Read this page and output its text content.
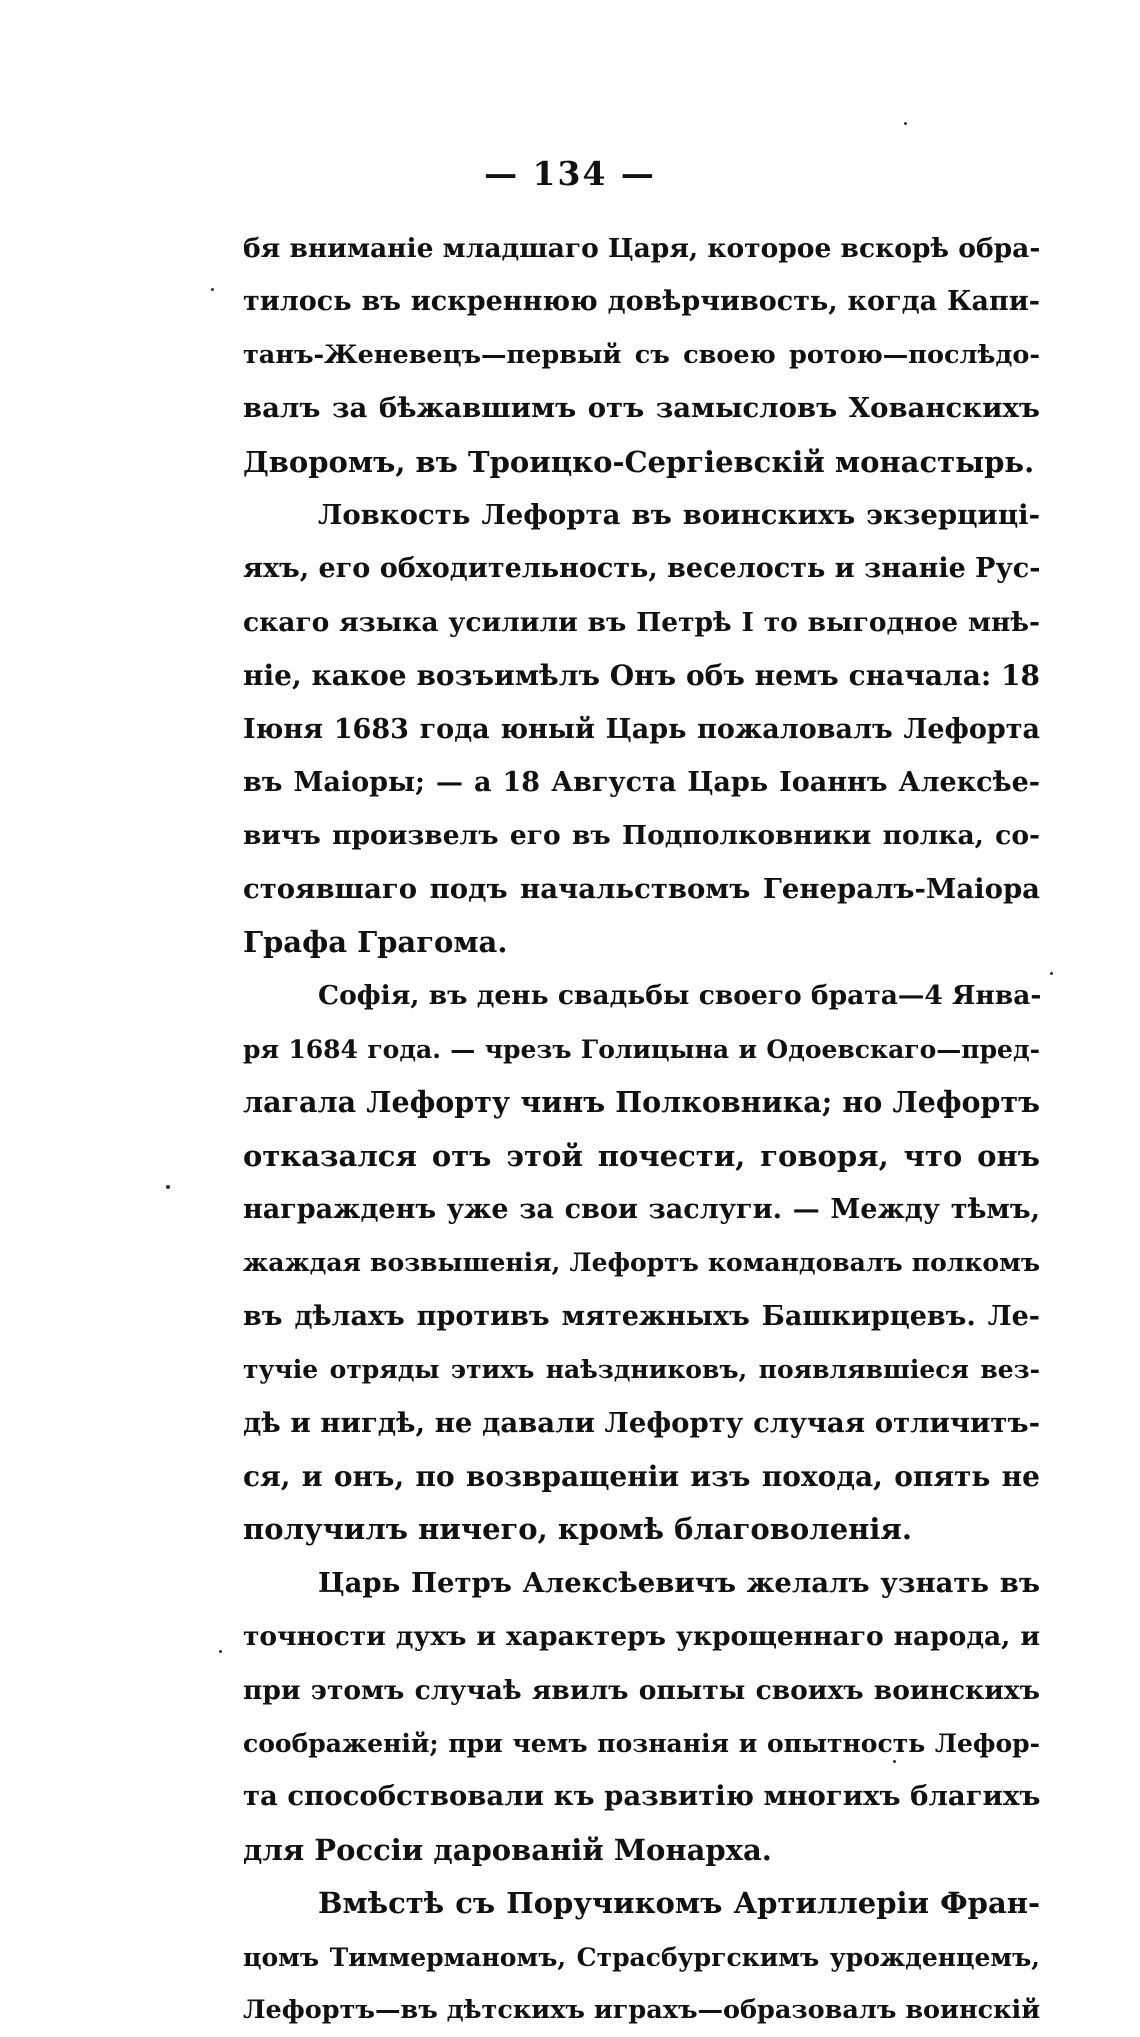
— 134 —
бя вниманіе младшаго Царя, которое вскорѣ обра-
тилось въ искреннюю довѣрчивость, когда Капи-
танъ-Женевецъ—первый съ своею ротою—послѣдо-
валъ за бѣжавшимъ отъ замысловъ Хованскихъ
Дворомъ, въ Троицко-Сергіевскій монастырь.
Ловкость Лефорта въ воинскихъ экзерциці-
яхъ, его обходительность, веселость и знаніе Рус-
скаго языка усилили въ Петрѣ I то выгодное мнѣ-
ніе, какое возъимѣлъ Онъ объ немъ сначала: 18
Іюня 1683 года юный Царь пожаловалъ Лефорта
въ Маіоры; — а 18 Августа Царь Іоаннъ Алексѣе-
вичъ произвелъ его въ Подполковники полка, со-
стоявшаго подъ начальствомъ Генералъ-Маіора
Графа Грагома.
Софія, въ день свадьбы своего брата—4 Янва-
ря 1684 года. — чрезъ Голицына и Одоевскаго—пред-
лагала Лефорту чинъ Полковника; но Лефортъ
отказался отъ этой почести, говоря, что онъ
награжденъ уже за свои заслуги. — Между тѣмъ,
жаждая возвышенія, Лефортъ командовалъ полкомъ
въ дѣлахъ противъ мятежныхъ Башкирцевъ. Ле-
тучіе отряды этихъ наѣздниковъ, появлявшіеся вез-
дѣ и нигдѣ, не давали Лефорту случая отличитъ-
ся, и онъ, по возвращеніи изъ похода, опять не
получилъ ничего, кромѣ благоволенія.
Царь Петръ Алексѣевичъ желалъ узнать въ
точности духъ и характеръ укрощеннаго народа, и
при этомъ случаѣ явилъ опыты своихъ воинскихъ
соображеній; при чемъ познанія и опытность Лефор-
та способствовали къ развитію многихъ благихъ
для Россіи дарованій Монарха.
Вмѣстѣ съ Поручикомъ Артиллеріи Фран-
цомъ Тиммерманомъ, Страсбургскимъ урожденцемъ,
Лефортъ—въ дѣтскихъ играхъ—образовалъ воинскій
